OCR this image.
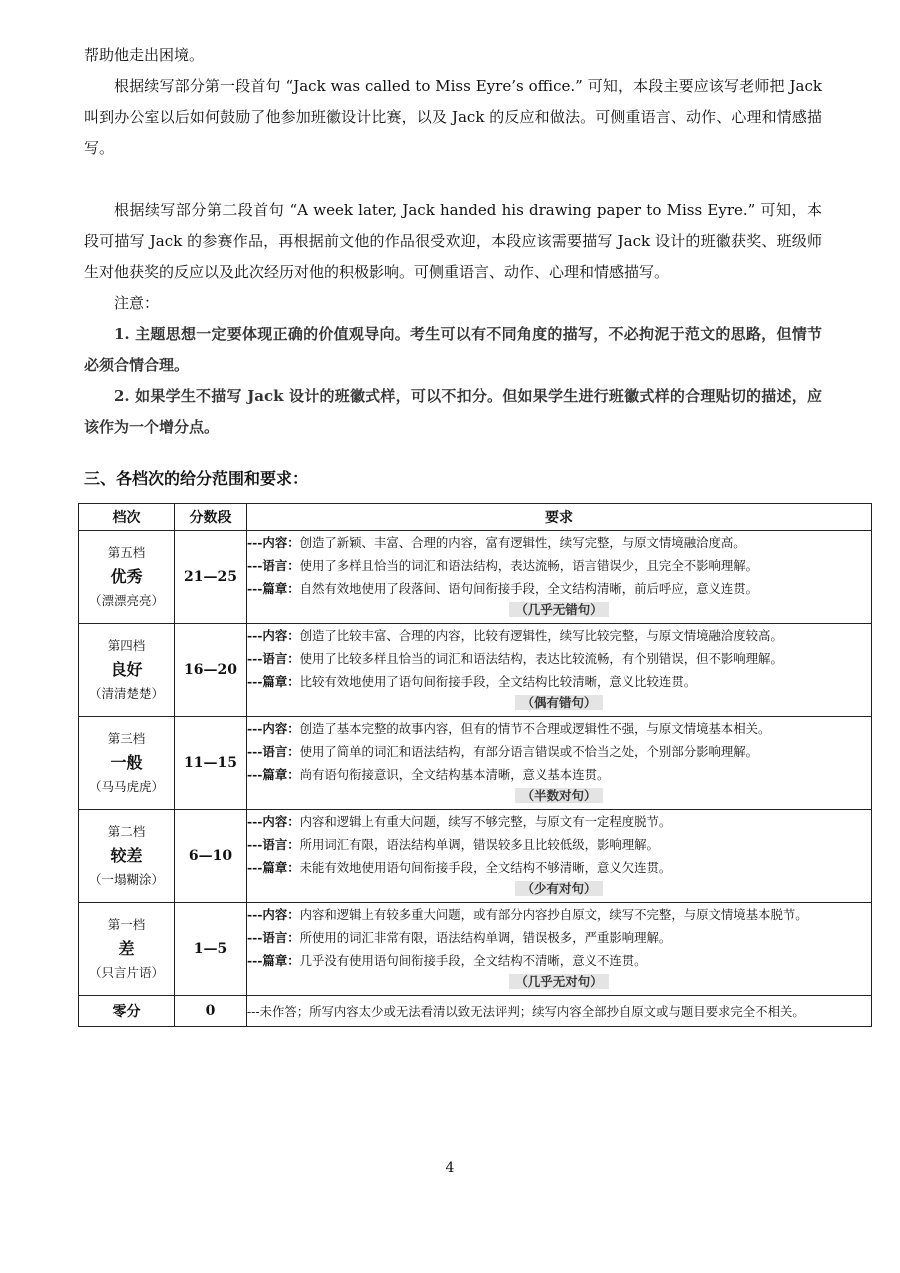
帮助他走出困境。

根据续写部分第一段首句 “Jack was called to Miss Eyre’s office.” 可知，本段主要应该写老师把 Jack 叫到办公室以后如何鼓励了他参加班徽设计比赛，以及 Jack 的反应和做法。可侧重语言、动作、心理和情感描写。

根据续写部分第二段首句 “A week later, Jack handed his drawing paper to Miss Eyre.” 可知，本段可描写 Jack 的参赛作品，再根据前文他的作品很受欢迎，本段应该需要描写 Jack 设计的班徽获奖、班级师生对他获奖的反应以及此次经历对他的积极影响。可侧重语言、动作、心理和情感描写。

注意：

1. 主题思想一定要体现正确的价值观导向。考生可以有不同角度的描写，不必拘泥于范文的思路，但情节必须合情合理。

2. 如果学生不描写 Jack 设计的班徽式样，可以不扣分。但如果学生进行班徽式样的合理贴切的描述，应该作为一个增分点。

三、各档次的给分范围和要求：
档次	分数段	要求

第五档
优秀
（漂漂亮亮）	21—25	---内容：创造了新颖、丰富、合理的内容，富有逻辑性，续写完整，与原文情境融洽度高。
---语言：使用了多样且恰当的词汇和语法结构，表达流畅，语言错误少，且完全不影响理解。
---篇章：自然有效地使用了段落间、语句间衔接手段，全文结构清晰，前后呼应，意义连贯。
（几乎无错句）

第四档
良好
（清清楚楚）	16—20	---内容：创造了比较丰富、合理的内容，比较有逻辑性，续写比较完整，与原文情境融洽度较高。
---语言：使用了比较多样且恰当的词汇和语法结构，表达比较流畅，有个别错误，但不影响理解。
---篇章：比较有效地使用了语句间衔接手段，全文结构比较清晰，意义比较连贯。
（偶有错句）

第三档
一般
（马马虎虎）	11—15	---内容：创造了基本完整的故事内容，但有的情节不合理或逻辑性不强，与原文情境基本相关。
---语言：使用了简单的词汇和语法结构，有部分语言错误或不恰当之处，个别部分影响理解。
---篇章：尚有语句衔接意识，全文结构基本清晰，意义基本连贯。
（半数对句）

第二档
较差
（一塌糊涂）	6—10	---内容：内容和逻辑上有重大问题，续写不够完整，与原文有一定程度脱节。
---语言：所用词汇有限，语法结构单调，错误较多且比较低级，影响理解。
---篇章：未能有效地使用语句间衔接手段，全文结构不够清晰，意义欠连贯。
（少有对句）

第一档
差
（只言片语）	1—5	---内容：内容和逻辑上有较多重大问题，或有部分内容抄自原文，续写不完整，与原文情境基本脱节。
---语言：所使用的词汇非常有限，语法结构单调，错误极多，严重影响理解。
---篇章：几乎没有使用语句间衔接手段，全文结构不清晰，意义不连贯。
（几乎无对句）

零分	0	---未作答；所写内容太少或无法看清以致无法评判；续写内容全部抄自原文或与题目要求完全不相关。
4
